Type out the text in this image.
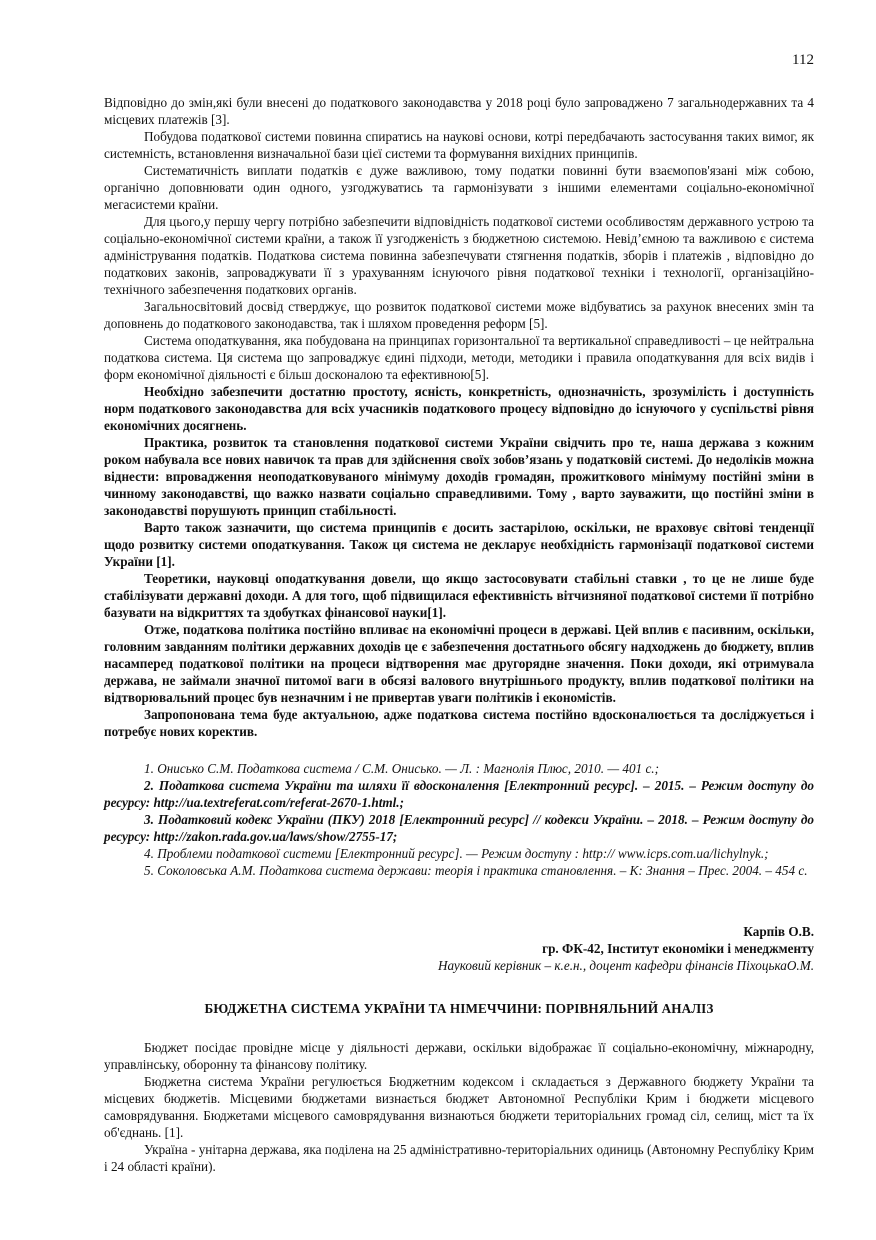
112

Відповідно до змін,які були внесені до податкового законодавства у 2018 році було запроваджено 7 загальнодержавних та 4 місцевих платежів [3].

Побудова податкової системи повинна спиратись на наукові основи, котрі передбачають застосування таких вимог, як системність, встановлення визначальної бази цієї системи та формування вихідних принципів.

Систематичність виплати податків є дуже важливою, тому податки повинні бути взаємопов'язані між собою, органічно доповнювати один одного, узгоджуватись та гармонізувати з іншими елементами соціально-економічної мегасистеми країни.

Для цього,у першу чергу потрібно забезпечити відповідність податкової системи особливостям державного устрою та соціально-економічної системи країни, а також її узгодженість з бюджетною системою. Невід’ємною та важливою є система адміністрування податків. Податкова система повинна забезпечувати стягнення податків, зборів і платежів , відповідно до податкових законів, запроваджувати її з урахуванням існуючого рівня податкової техніки і технології, організаційно-технічного забезпечення податкових органів.

Загальносвітовий досвід стверджує, що розвиток податкової системи може відбуватись за рахунок внесених змін та доповнень до податкового законодавства, так і шляхом проведення реформ [5].

Система оподаткування, яка побудована на принципах горизонтальної та вертикальної справедливості – це нейтральна податкова система. Ця система що запроваджує єдині підходи, методи, методики і правила оподаткування для всіх видів і форм економічної діяльності є більш досконалою та ефективною[5].

Необхідно забезпечити достатню простоту, ясність, конкретність, однозначність, зрозумілість і доступність норм податкового законодавства для всіх учасників податкового процесу відповідно до існуючого у суспільстві рівня економічних досягнень.

Практика, розвиток та становлення податкової системи України свідчить про те, наша держава з кожним роком набувала все нових навичок та прав для здійснення своїх зобов’язань у податковій системі. До недоліків можна віднести: впровадження неоподатковуваного мінімуму доходів громадян, прожиткового мінімуму постійні зміни в чинному законодавстві, що важко назвати соціально справедливими. Тому , варто зауважити, що постійні зміни в законодавстві порушують принцип стабільності.

Варто також зазначити, що система принципів є досить застарілою, оскільки, не враховує світові тенденції щодо розвитку системи оподаткування. Також ця система не декларує необхідність гармонізації податкової системи України [1].

Теоретики, науковці оподаткування довели, що якщо застосовувати стабільні ставки , то це не лише буде стабілізувати державні доходи. А для того, щоб підвищилася ефективність вітчизняної податкової системи її потрібно базувати на відкриттях та здобутках фінансової науки[1].

Отже, податкова політика постійно впливає на економічні процеси в державі. Цей вплив є пасивним, оскільки, головним завданням політики державних доходів це є забезпечення достатнього обсягу надходжень до бюджету, вплив насамперед податкової політики на процеси відтворення має другорядне значення. Поки доходи, які отримувала держава, не займали значної питомої ваги в обсязі валового внутрішнього продукту, вплив податкової політики на відтворювальний процес був незначним і не привертав уваги політиків і економістів.

Запропонована тема буде актуальною, адже податкова система постійно вдосконалюється та досліджується і потребує нових коректив.

1. Онисько С.М. Податкова система / С.М. Онисько. — Л. : Магнолія Плюс, 2010. — 401 с.;

2. Податкова система України та шляхи її вдосконалення [Електронний ресурс]. – 2015. – Режим доступу до ресурсу: http://ua.textreferat.com/referat-2670-1.html.;

3. Податковий кодекс України (ПКУ) 2018 [Електронний ресурс] // кодекси України. – 2018. – Режим доступу до ресурсу: http://zakon.rada.gov.ua/laws/show/2755-17;

4. Проблеми податкової системи [Електронний ресурс]. — Режим доступу : http:// www.icps.com.ua/lichylnyk.;

5. Соколовська А.М. Податкова система держави: теорія і практика становлення. – К: Знання – Прес. 2004. – 454 с.

Карпів О.В.
гр. ФК-42, Інститут економіки і менеджменту
Науковий керівник – к.е.н., доцент кафедри фінансів ПіхоцькаО.М.
БЮДЖЕТНА СИСТЕМА УКРАЇНИ ТА НІМЕЧЧИНИ: ПОРІВНЯЛЬНИЙ АНАЛІЗ

Бюджет посідає провідне місце у діяльності держави, оскільки відображає її соціально-економічну, міжнародну, управлінську, оборонну та фінансову політику.

Бюджетна система України регулюється Бюджетним кодексом і складається з Державного бюджету України та місцевих бюджетів. Місцевими бюджетами визнається бюджет Автономної Республіки Крим і бюджети місцевого самоврядування. Бюджетами місцевого самоврядування визнаються бюджети територіальних громад сіл, селищ, міст та їх об'єднань. [1].

Україна - унітарна держава, яка поділена на 25 адміністративно-територіальних одиниць (Автономну Республіку Крим і 24 області країни).
